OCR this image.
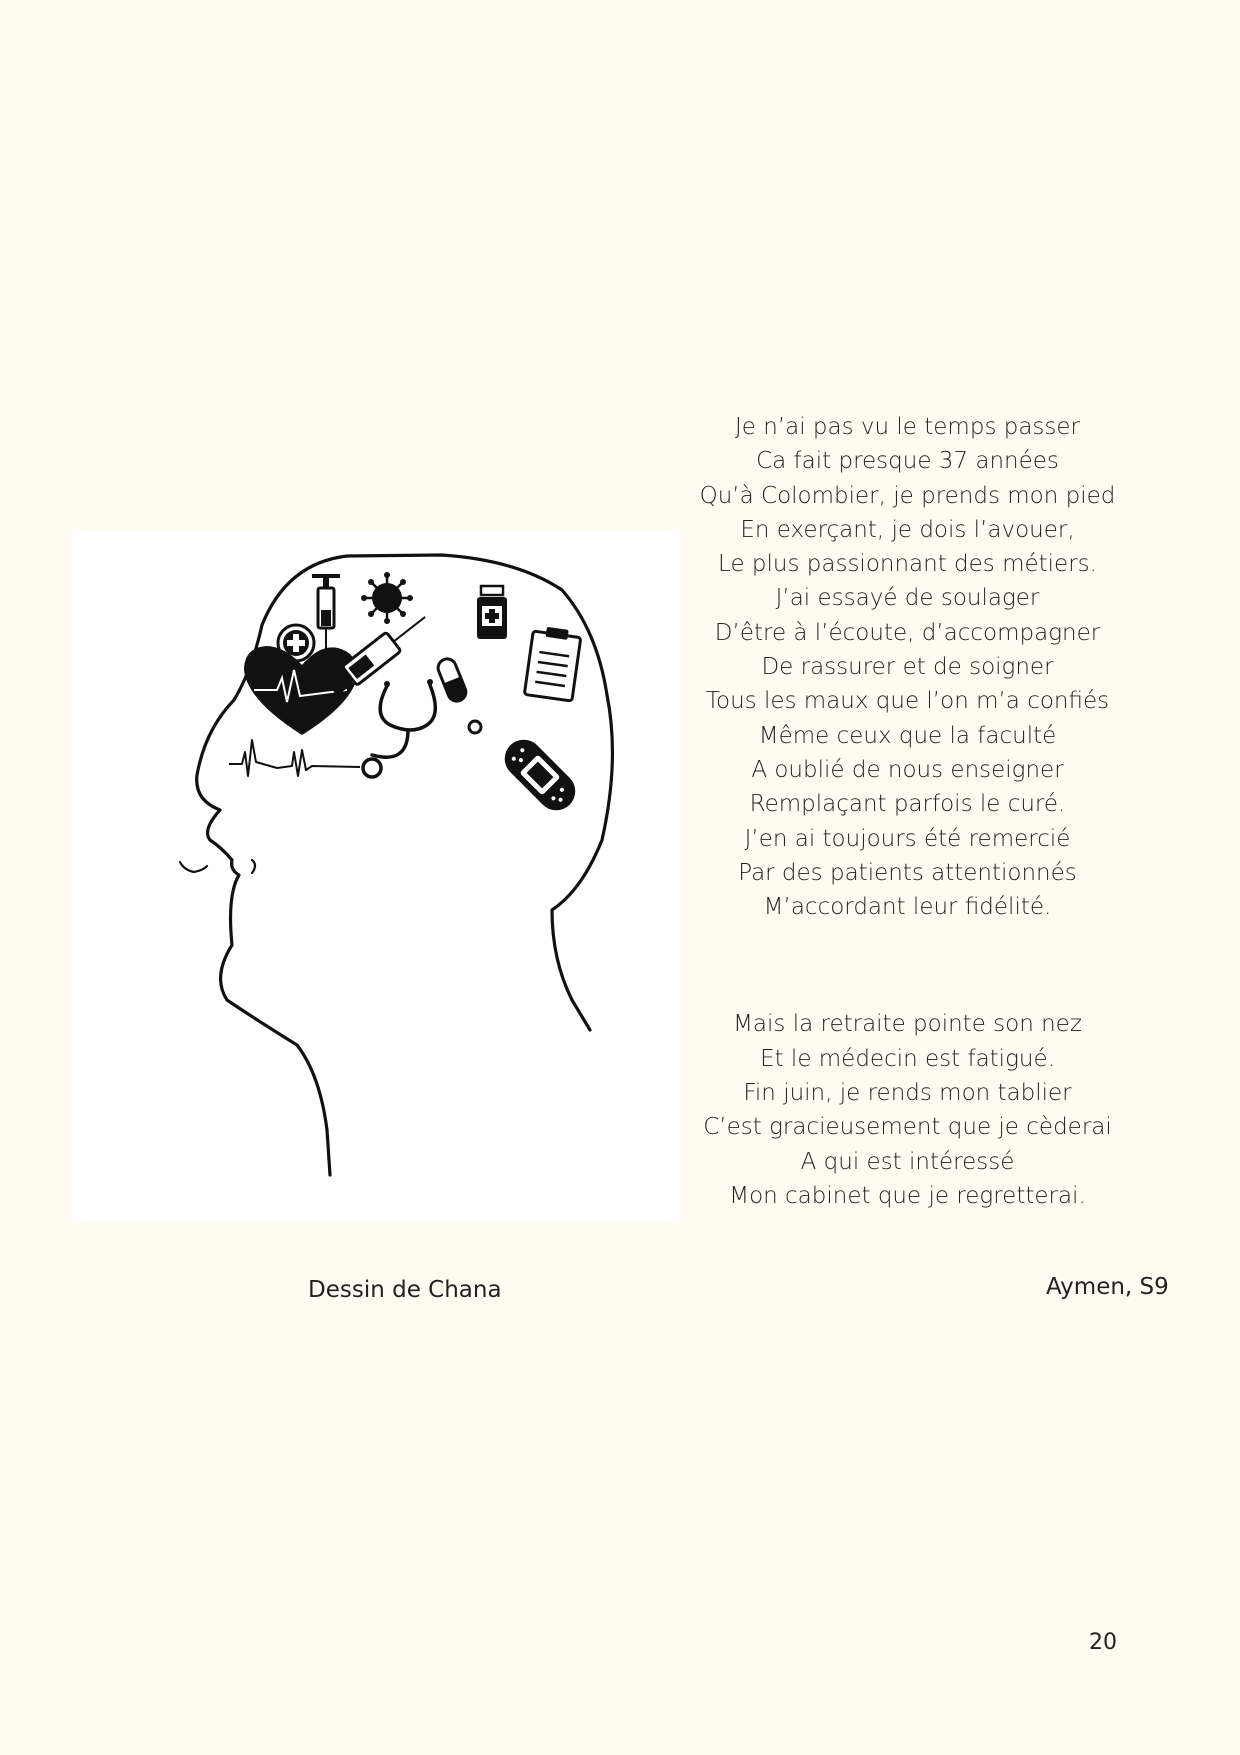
Je n’ai pas vu le temps passer
Ca fait presque 37 années
Qu’à Colombier, je prends mon pied
En exerçant, je dois l’avouer,
Le plus passionnant des métiers.
J’ai essayé de soulager
D’être à l’écoute, d’accompagner
De rassurer et de soigner
Tous les maux que l’on m’a confiés
Même ceux que la faculté
A oublié de nous enseigner
Remplaçant parfois le curé.
J’en ai toujours été remercié
Par des patients attentionnés
M’accordant leur fidélité.

Mais la retraite pointe son nez
Et le médecin est fatigué.
Fin juin, je rends mon tablier
C’est gracieusement que je cèderai
A qui est intéressé
Mon cabinet que je regretterai.

Dessin de Chana	Aymen, S9
20
